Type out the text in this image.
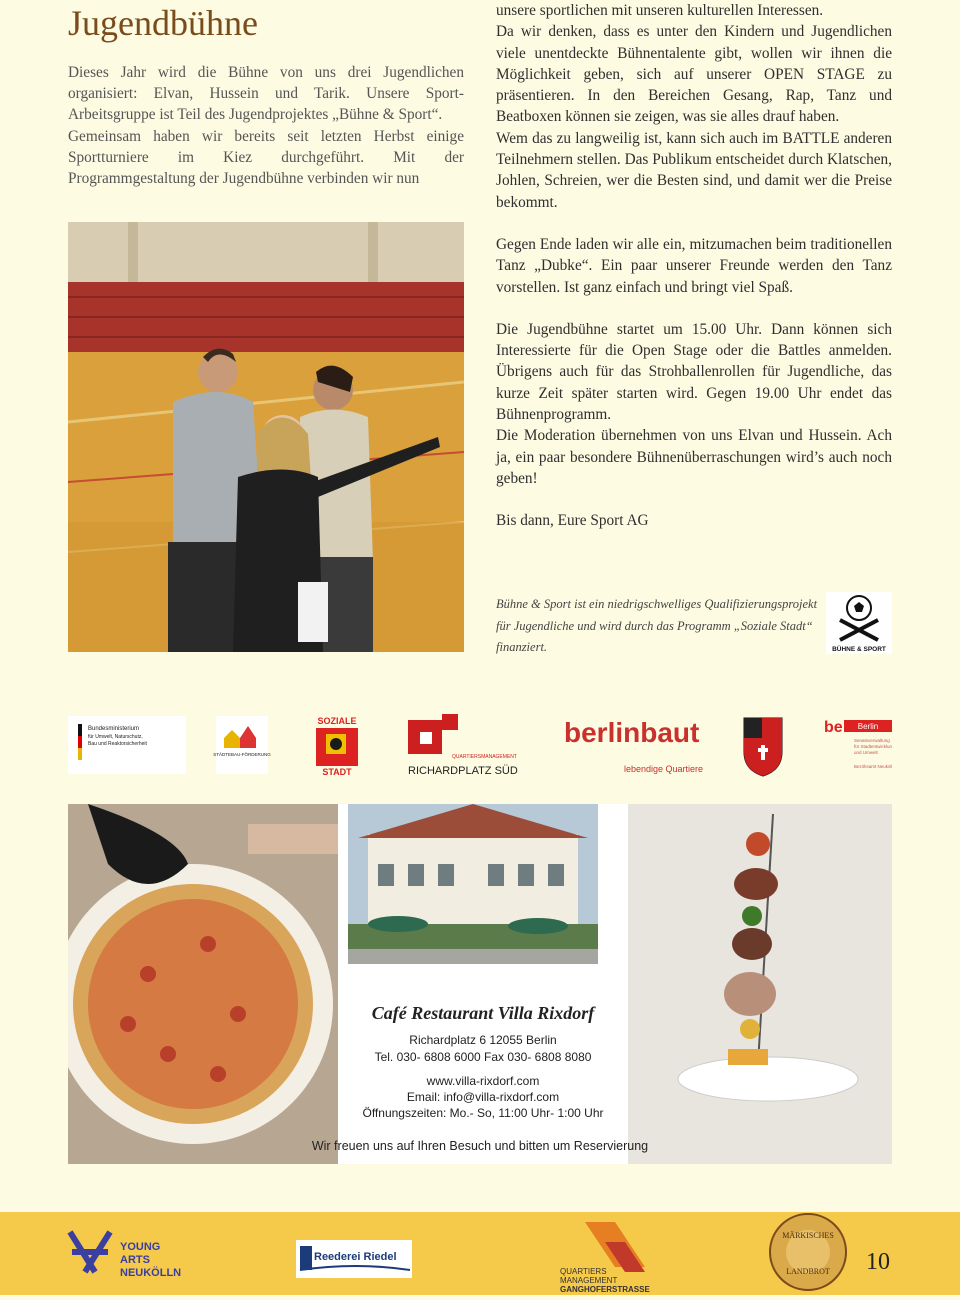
Jugendbühne

Dieses Jahr wird die Bühne von uns drei Jugendlichen organisiert: Elvan, Hussein und Tarik. Unsere Sport-Arbeitsgruppe ist Teil des Jugendprojektes „Bühne & Sport“.

Gemeinsam haben wir bereits seit letzten Herbst einige Sportturniere im Kiez durchgeführt. Mit der Programmgestaltung der Jugendbühne verbinden wir nun

unsere sportlichen mit unseren kulturellen Interessen.

Da wir denken, dass es unter den Kindern und Jugendlichen viele unentdeckte Bühnentalente gibt, wollen wir ihnen die Möglichkeit geben, sich auf unserer OPEN STAGE zu präsentieren. In den Bereichen Gesang, Rap, Tanz und Beatboxen können sie zeigen, was sie alles drauf haben.

Wem das zu langweilig ist, kann sich auch im BATTLE anderen Teilnehmern stellen. Das Publikum entscheidet durch Klatschen, Johlen, Schreien, wer die Besten sind, und damit wer die Preise bekommt.

Gegen Ende laden wir alle ein, mitzumachen beim traditionellen Tanz „Dubke“. Ein paar unserer Freunde werden den Tanz vorstellen. Ist ganz einfach und bringt viel Spaß.

Die Jugendbühne startet um 15.00 Uhr. Dann können sich Interessierte für die Open Stage oder die Battles anmelden. Übrigens auch für das Strohballenrollen für Jugendliche, das kurze Zeit später starten wird. Gegen 19.00 Uhr endet das Bühnenprogramm.

Die Moderation übernehmen von uns Elvan und Hussein. Ach ja, ein paar besondere Bühnenüberraschungen wird’s auch noch geben!

Bis dann, Eure Sport AG

Bühne & Sport ist ein niedrigschwelliges Qualifizierungsprojekt für Jugendliche und wird durch das Programm „Soziale Stadt“ finanziert.	BÜHNE & SPORT
Bundesministerium
für Umwelt, Naturschutz,
Bau und Reaktorsicherheit
STÄDTEBAU-FÖRDERUNG
SOZIALE
STADT
QUARTIERSMANAGEMENT
RICHARDPLATZ SÜD
berlinbaut
lebendige Quartiere
be Berlin
Senatsverwaltung
für Stadtentwicklung
und Umwelt
Bezirksamt Neukölln
Café Restaurant Villa Rixdorf
Richardplatz 6 12055 Berlin
Tel. 030- 6808 6000 Fax 030- 6808 8080
www.villa-rixdorf.com
Email: info@villa-rixdorf.com
Öffnungszeiten: Mo.- So, 11:00 Uhr- 1:00 Uhr
Wir freuen uns auf Ihren Besuch und bitten um Reservierung
YOUNG
ARTS
NEUKÖLLN
Reederei Riedel
QUARTIERS
MANAGEMENT
GANGHOFERSTRASSE
MÄRKISCHES
LANDBROT 10
